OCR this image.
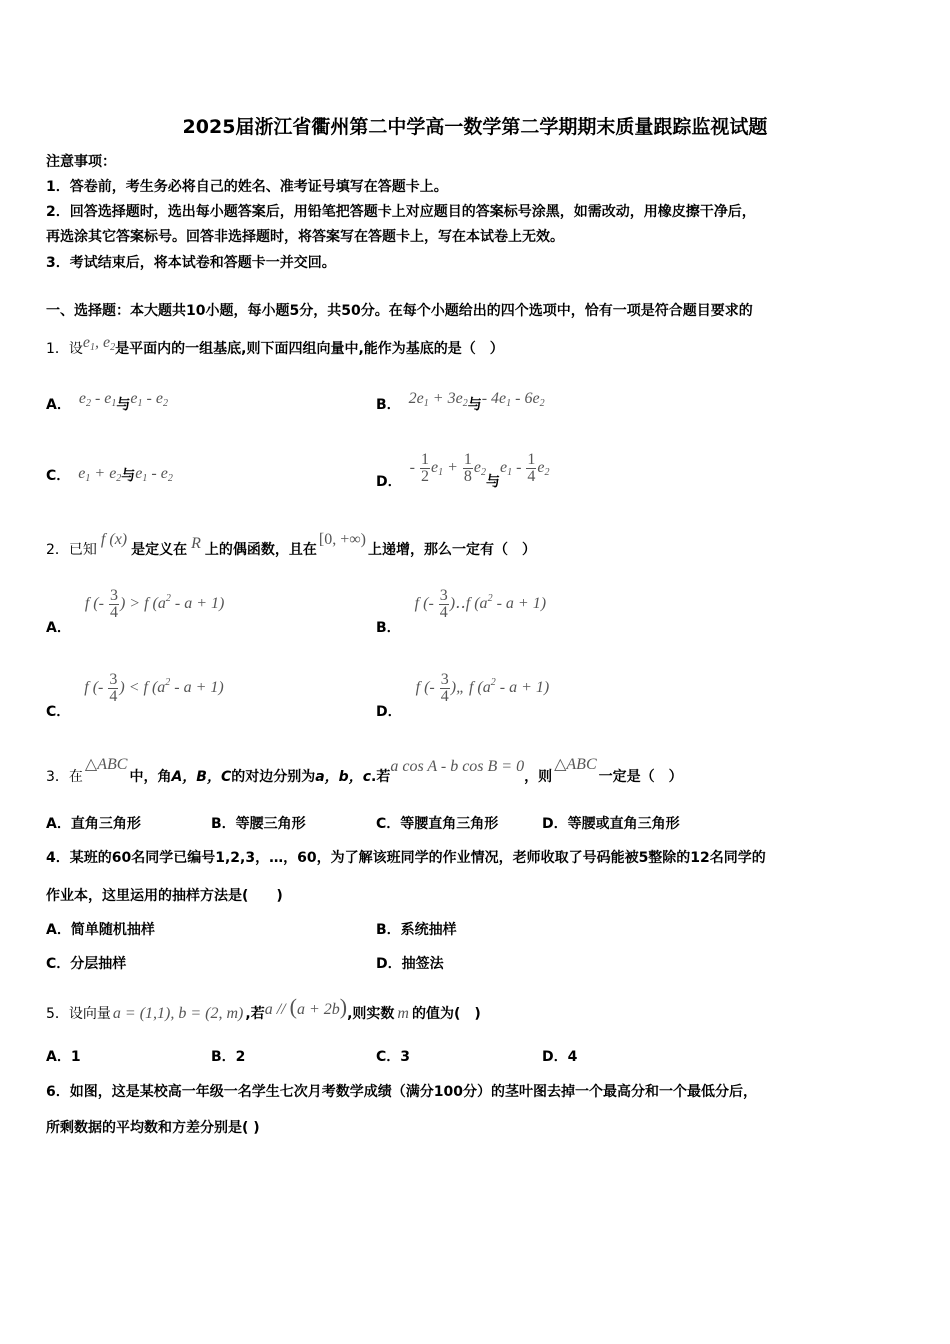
2025届浙江省衢州第二中学高一数学第二学期期末质量跟踪监视试题
注意事项：
1．答卷前，考生务必将自己的姓名、准考证号填写在答题卡上。
2．回答选择题时，选出每小题答案后，用铅笔把答题卡上对应题目的答案标号涂黑，如需改动，用橡皮擦干净后，
再选涂其它答案标号。回答非选择题时，将答案写在答题卡上，写在本试卷上无效。
3．考试结束后，将本试卷和答题卡一并交回。
一、选择题：本大题共10小题，每小题5分，共50分。在每个小题给出的四个选项中，恰有一项是符合题目要求的
1．设$e_1$, $e_2$是平面内的一组基底,则下面四组向量中,能作为基底的是（　）
A． $e_2 - e_1$与$e_1 - e_2$	B． $2e_1 + 3e_2$与- $4e_1 - 6e_2$
C． $e_1 + e_2$与$e_1 - e_2$	D．- $\frac{1}{2} e_1 + \frac{1}{8} e_2$与$e_1 - \frac{1}{4} e_2$
2．已知f (x)是定义在 R 上的偶函数，且在[0, +∞)上递增，那么一定有（　）
A．f (- $\frac{3}{4}$ ) > f $(a^2 - a + 1)$
B．f (- $\frac{3}{4}$ )‥f $(a^2 - a + 1)$
C．f (- $\frac{3}{4}$ ) < f $(a^2 - a + 1)$
D．f (- $\frac{3}{4}$ )„ f $(a^2 - a + 1)$
3．在△ABC中，角A，B，C的对边分别为a，b，c.若a cos A - b cos B = 0，则△ABC一定是（　）
A．直角三角形	B．等腰三角形	C．等腰直角三角形	D．等腰或直角三角形
4．某班的60名同学已编号1,2,3，…，60，为了解该班同学的作业情况，老师收取了号码能被5整除的12名同学的
作业本，这里运用的抽样方法是(　　)
A．简单随机抽样	B．系统抽样
C．分层抽样	D．抽签法
5．设向量 a = (1,1), b = (2, m) ,若a // (a + 2b),则实数 m 的值为(　)
A．1	B．2	C．3	D．4
6．如图，这是某校高一年级一名学生七次月考数学成绩（满分100分）的茎叶图去掉一个最高分和一个最低分后，
所剩数据的平均数和方差分别是( )
